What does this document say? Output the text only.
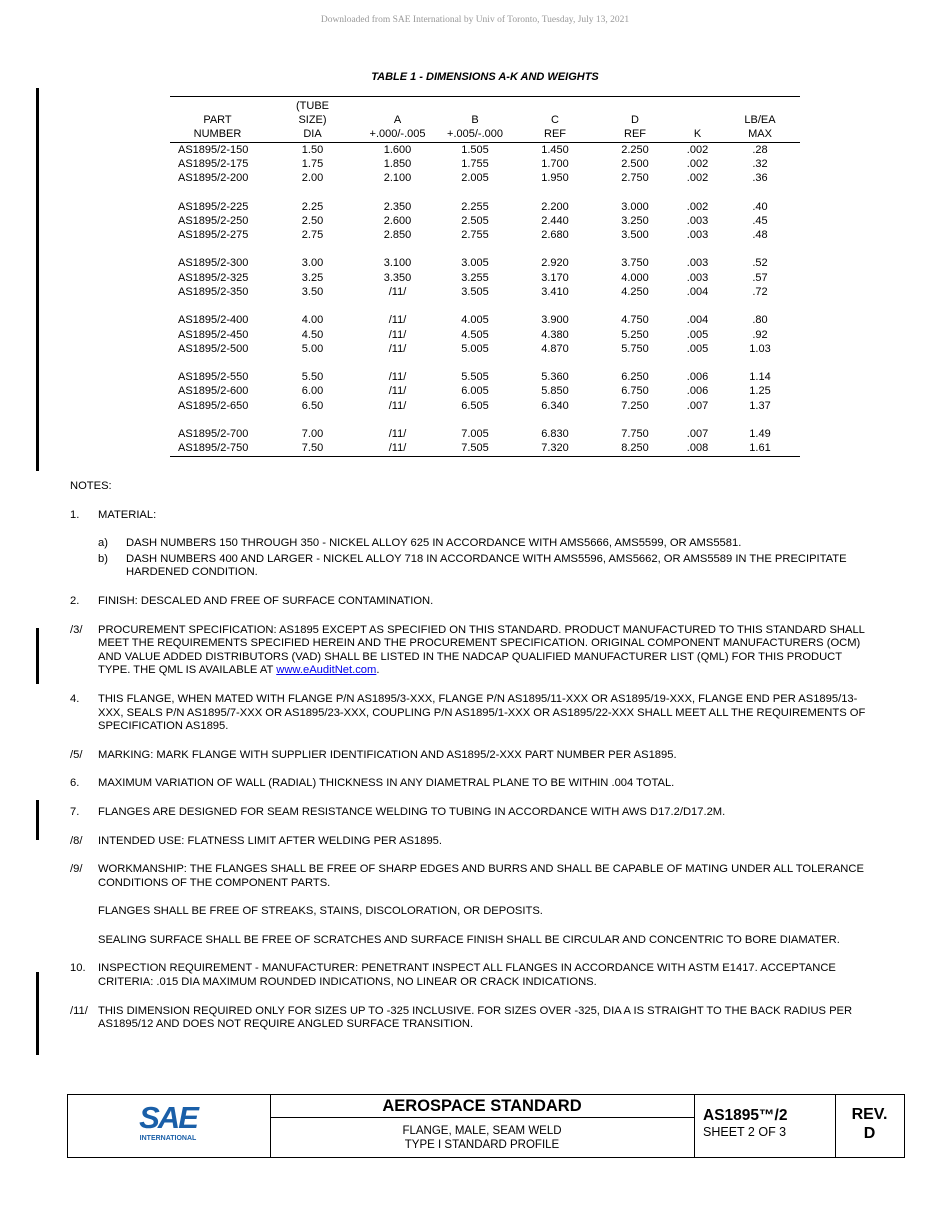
Downloaded from SAE International by Univ of Toronto, Tuesday, July 13, 2021
TABLE 1 - DIMENSIONS A-K AND WEIGHTS
	(TUBE						
PART	SIZE)	A	B	C	D		LB/EA
NUMBER	DIA	+.000/-.005	+.005/-.000	REF	REF	K	MAX
AS1895/2-150	1.50	1.600	1.505	1.450	2.250	.002	.28
AS1895/2-175	1.75	1.850	1.755	1.700	2.500	.002	.32
AS1895/2-200	2.00	2.100	2.005	1.950	2.750	.002	.36

AS1895/2-225	2.25	2.350	2.255	2.200	3.000	.002	.40
AS1895/2-250	2.50	2.600	2.505	2.440	3.250	.003	.45
AS1895/2-275	2.75	2.850	2.755	2.680	3.500	.003	.48

AS1895/2-300	3.00	3.100	3.005	2.920	3.750	.003	.52
AS1895/2-325	3.25	3.350	3.255	3.170	4.000	.003	.57
AS1895/2-350	3.50	/11/	3.505	3.410	4.250	.004	.72

AS1895/2-400	4.00	/11/	4.005	3.900	4.750	.004	.80
AS1895/2-450	4.50	/11/	4.505	4.380	5.250	.005	.92
AS1895/2-500	5.00	/11/	5.005	4.870	5.750	.005	1.03

AS1895/2-550	5.50	/11/	5.505	5.360	6.250	.006	1.14
AS1895/2-600	6.00	/11/	6.005	5.850	6.750	.006	1.25
AS1895/2-650	6.50	/11/	6.505	6.340	7.250	.007	1.37

AS1895/2-700	7.00	/11/	7.005	6.830	7.750	.007	1.49
AS1895/2-750	7.50	/11/	7.505	7.320	8.250	.008	1.61
NOTES:
1.	MATERIAL:
a)	DASH NUMBERS 150 THROUGH 350 - NICKEL ALLOY 625 IN ACCORDANCE WITH AMS5666, AMS5599, OR AMS5581.
b)	DASH NUMBERS 400 AND LARGER - NICKEL ALLOY 718 IN ACCORDANCE WITH AMS5596, AMS5662, OR AMS5589 IN THE PRECIPITATE HARDENED CONDITION.
2.	FINISH: DESCALED AND FREE OF SURFACE CONTAMINATION.
/3/	PROCUREMENT SPECIFICATION: AS1895 EXCEPT AS SPECIFIED ON THIS STANDARD. PRODUCT MANUFACTURED TO THIS STANDARD SHALL MEET THE REQUIREMENTS SPECIFIED HEREIN AND THE PROCUREMENT SPECIFICATION. ORIGINAL COMPONENT MANUFACTURERS (OCM) AND VALUE ADDED DISTRIBUTORS (VAD) SHALL BE LISTED IN THE NADCAP QUALIFIED MANUFACTURER LIST (QML) FOR THIS PRODUCT TYPE. THE QML IS AVAILABLE AT www.eAuditNet.com.
4.	THIS FLANGE, WHEN MATED WITH FLANGE P/N AS1895/3-XXX, FLANGE P/N AS1895/11-XXX OR AS1895/19-XXX, FLANGE END PER AS1895/13-XXX, SEALS P/N AS1895/7-XXX OR AS1895/23-XXX, COUPLING P/N AS1895/1-XXX OR AS1895/22-XXX SHALL MEET ALL THE REQUIREMENTS OF SPECIFICATION AS1895.
/5/	MARKING: MARK FLANGE WITH SUPPLIER IDENTIFICATION AND AS1895/2-XXX PART NUMBER PER AS1895.
6.	MAXIMUM VARIATION OF WALL (RADIAL) THICKNESS IN ANY DIAMETRAL PLANE TO BE WITHIN .004 TOTAL.
7.	FLANGES ARE DESIGNED FOR SEAM RESISTANCE WELDING TO TUBING IN ACCORDANCE WITH AWS D17.2/D17.2M.
/8/	INTENDED USE: FLATNESS LIMIT AFTER WELDING PER AS1895.
/9/	WORKMANSHIP: THE FLANGES SHALL BE FREE OF SHARP EDGES AND BURRS AND SHALL BE CAPABLE OF MATING UNDER ALL TOLERANCE CONDITIONS OF THE COMPONENT PARTS.
FLANGES SHALL BE FREE OF STREAKS, STAINS, DISCOLORATION, OR DEPOSITS.
SEALING SURFACE SHALL BE FREE OF SCRATCHES AND SURFACE FINISH SHALL BE CIRCULAR AND CONCENTRIC TO BORE DIAMATER.
10.	INSPECTION REQUIREMENT - MANUFACTURER: PENETRANT INSPECT ALL FLANGES IN ACCORDANCE WITH ASTM E1417. ACCEPTANCE CRITERIA: .015 DIA MAXIMUM ROUNDED INDICATIONS, NO LINEAR OR CRACK INDICATIONS.
/11/ THIS DIMENSION REQUIRED ONLY FOR SIZES UP TO -325 INCLUSIVE. FOR SIZES OVER -325, DIA A IS STRAIGHT TO THE BACK RADIUS PER AS1895/12 AND DOES NOT REQUIRE ANGLED SURFACE TRANSITION.
SAE
INTERNATIONAL
AEROSPACE STANDARD
FLANGE, MALE, SEAM WELD
TYPE I STANDARD PROFILE
AS1895™/2
SHEET 2 OF 3
REV.
D
